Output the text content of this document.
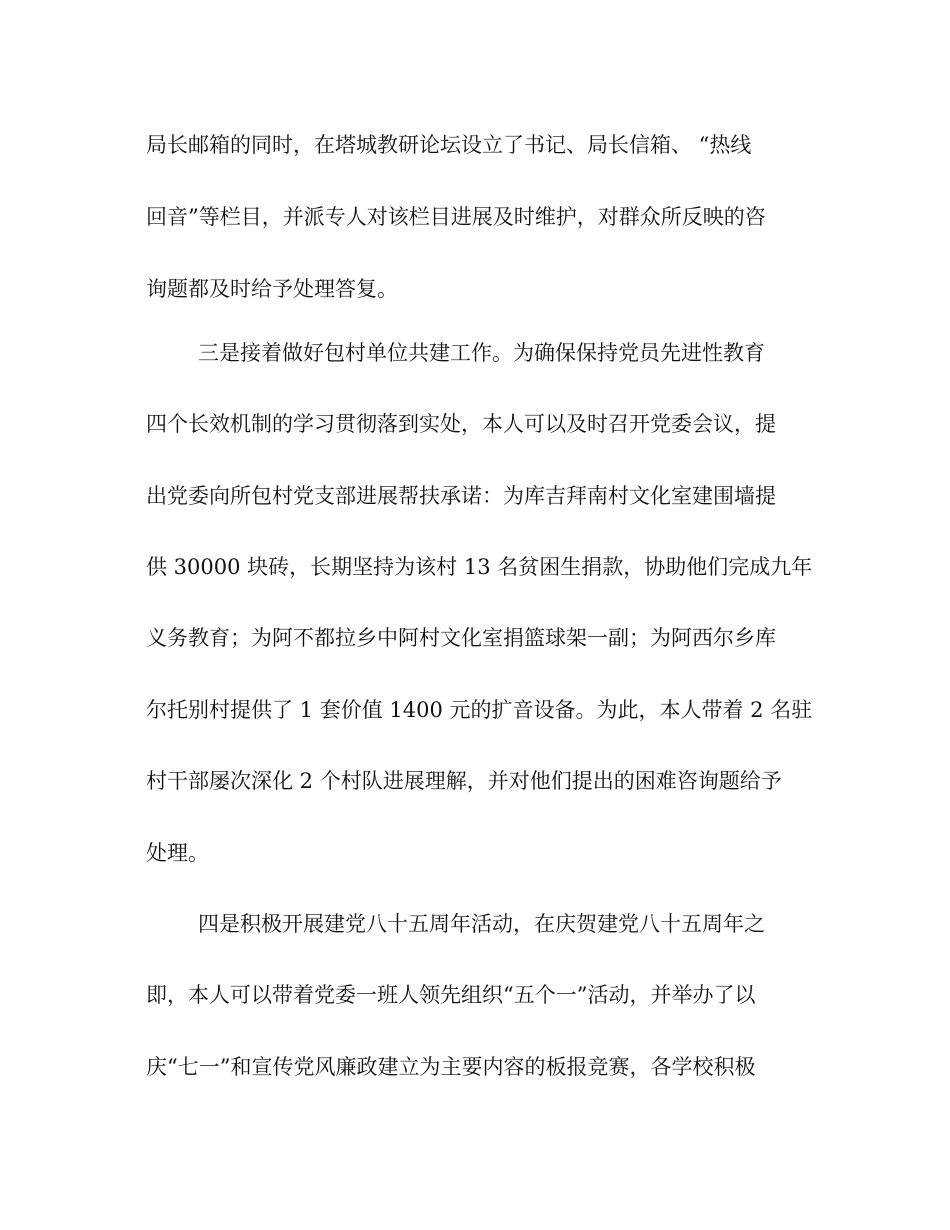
局长邮箱的同时，在塔城教研论坛设立了书记、局长信箱、 “热线
回音”等栏目，并派专人对该栏目进展及时维护，对群众所反映的咨
询题都及时给予处理答复。
三是接着做好包村单位共建工作。为确保保持党员先进性教育
四个长效机制的学习贯彻落到实处，本人可以及时召开党委会议，提
出党委向所包村党支部进展帮扶承诺：为库吉拜南村文化室建围墙提
供 30000 块砖，长期坚持为该村 13 名贫困生捐款，协助他们完成九年
义务教育；为阿不都拉乡中阿村文化室捐篮球架一副；为阿西尔乡库
尔托别村提供了 1 套价值 1400 元的扩音设备。为此，本人带着 2 名驻
村干部屡次深化 2 个村队进展理解，并对他们提出的困难咨询题给予
处理。
四是积极开展建党八十五周年活动，在庆贺建党八十五周年之
即，本人可以带着党委一班人领先组织“五个一”活动，并举办了以
庆“七一”和宣传党风廉政建立为主要内容的板报竞赛，各学校积极
